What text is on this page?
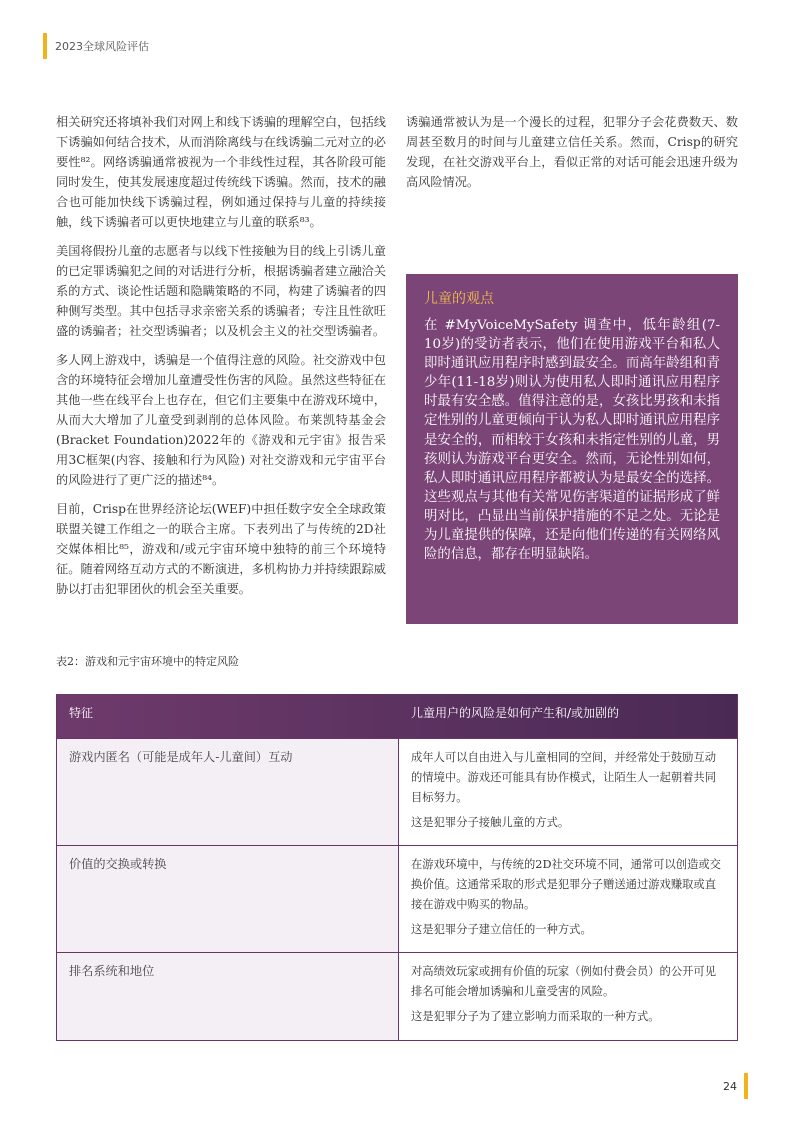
2023全球风险评估

相关研究还将填补我们对网上和线下诱骗的理解空白，包括线下诱骗如何结合技术，从而消除离线与在线诱骗二元对立的必要性⁸²。网络诱骗通常被视为一个非线性过程，其各阶段可能同时发生，使其发展速度超过传统线下诱骗。然而，技术的融合也可能加快线下诱骗过程，例如通过保持与儿童的持续接触，线下诱骗者可以更快地建立与儿童的联系⁸³。

美国将假扮儿童的志愿者与以线下性接触为目的线上引诱儿童的已定罪诱骗犯之间的对话进行分析，根据诱骗者建立融洽关系的方式、谈论性话题和隐瞒策略的不同，构建了诱骗者的四种侧写类型。其中包括寻求亲密关系的诱骗者；专注且性欲旺盛的诱骗者；社交型诱骗者；以及机会主义的社交型诱骗者。

多人网上游戏中，诱骗是一个值得注意的风险。社交游戏中包含的环境特征会增加儿童遭受性伤害的风险。虽然这些特征在其他一些在线平台上也存在，但它们主要集中在游戏环境中，从而大大增加了儿童受到剥削的总体风险。布莱凯特基金会(Bracket Foundation)2022年的《游戏和元宇宙》报告采用3C框架(内容、接触和行为风险) 对社交游戏和元宇宙平台的风险进行了更广泛的描述⁸⁴。

目前，Crisp在世界经济论坛(WEF)中担任数字安全全球政策联盟关键工作组之一的联合主席。下表列出了与传统的2D社交媒体相比⁸⁵，游戏和/或元宇宙环境中独特的前三个环境特征。随着网络互动方式的不断演进，多机构协力并持续跟踪威胁以打击犯罪团伙的机会至关重要。

诱骗通常被认为是一个漫长的过程，犯罪分子会花费数天、数周甚至数月的时间与儿童建立信任关系。然而，Crisp的研究发现，在社交游戏平台上，看似正常的对话可能会迅速升级为高风险情况。

儿童的观点

在 #MyVoiceMySafety 调查中，低年龄组(7-10岁)的受访者表示，他们在使用游戏平台和私人即时通讯应用程序时感到最安全。而高年龄组和青少年(11-18岁)则认为使用私人即时通讯应用程序时最有安全感。值得注意的是，女孩比男孩和未指定性别的儿童更倾向于认为私人即时通讯应用程序是安全的，而相较于女孩和未指定性别的儿童，男孩则认为游戏平台更安全。然而，无论性别如何，私人即时通讯应用程序都被认为是最安全的选择。这些观点与其他有关常见伤害渠道的证据形成了鲜明对比，凸显出当前保护措施的不足之处。无论是为儿童提供的保障，还是向他们传递的有关网络风险的信息，都存在明显缺陷。

表2：游戏和元宇宙环境中的特定风险
特征	儿童用户的风险是如何产生和/或加剧的
游戏内匿名（可能是成年人-儿童间）互动	成年人可以自由进入与儿童相同的空间，并经常处于鼓励互动的情境中。游戏还可能具有协作模式，让陌生人一起朝着共同目标努力。

这是犯罪分子接触儿童的方式。

价值的交换或转换	在游戏环境中，与传统的2D社交环境不同，通常可以创造或交换价值。这通常采取的形式是犯罪分子赠送通过游戏赚取或直接在游戏中购买的物品。

这是犯罪分子建立信任的一种方式。

排名系统和地位	对高绩效玩家或拥有价值的玩家（例如付费会员）的公开可见排名可能会增加诱骗和儿童受害的风险。

这是犯罪分子为了建立影响力而采取的一种方式。

24
